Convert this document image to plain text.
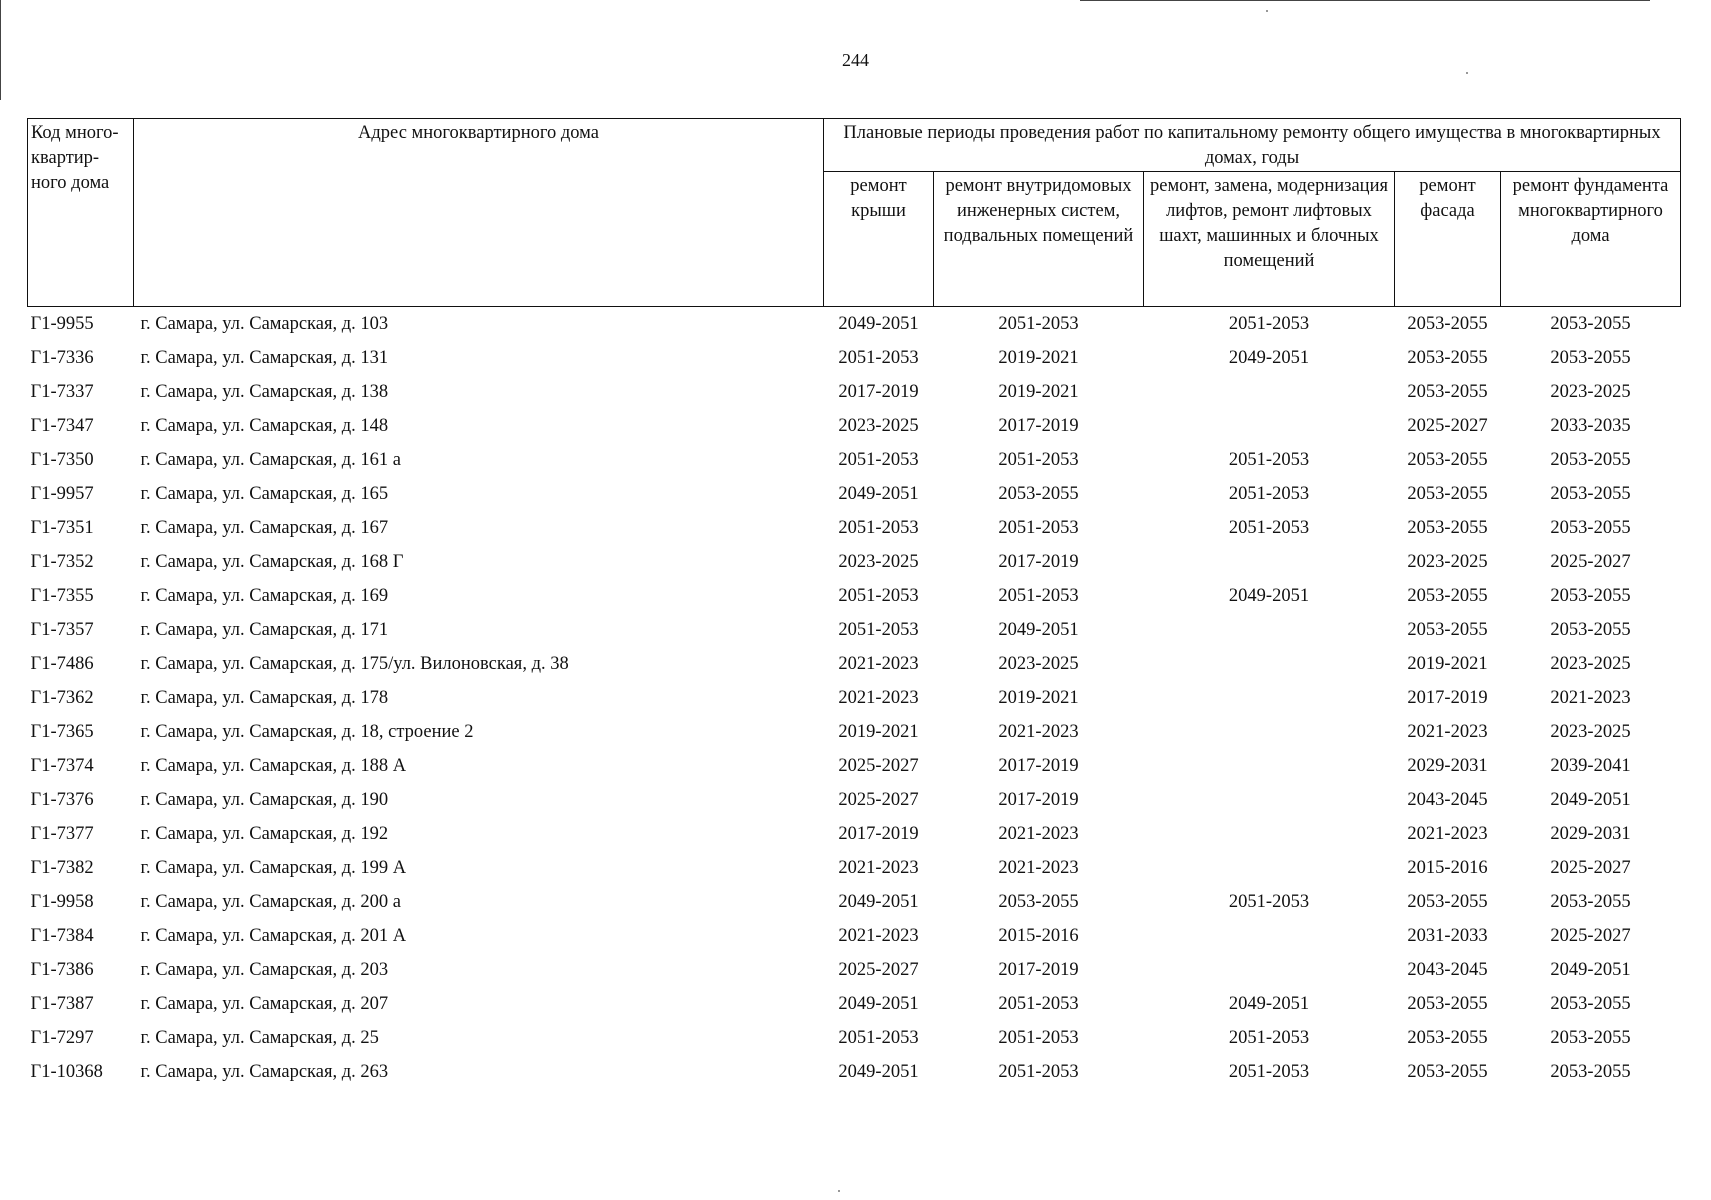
244
Код много-квартир-ного дома	Адрес многоквартирного дома	Плановые периоды проведения работ по капитальному ремонту общего имущества в многоквартирных домах, годы				
		ремонт крыши	ремонт внутридомовых инженерных систем, подвальных помещений	ремонт, замена, модернизация лифтов, ремонт лифтовых шахт, машинных и блочных помещений	ремонт фасада	ремонт фундамента многоквартирного дома
Г1-9955	г. Самара, ул. Самарская, д. 103	2049-2051	2051-2053	2051-2053	2053-2055	2053-2055
Г1-7336	г. Самара, ул. Самарская, д. 131	2051-2053	2019-2021	2049-2051	2053-2055	2053-2055
Г1-7337	г. Самара, ул. Самарская, д. 138	2017-2019	2019-2021		2053-2055	2023-2025
Г1-7347	г. Самара, ул. Самарская, д. 148	2023-2025	2017-2019		2025-2027	2033-2035
Г1-7350	г. Самара, ул. Самарская, д. 161 а	2051-2053	2051-2053	2051-2053	2053-2055	2053-2055
Г1-9957	г. Самара, ул. Самарская, д. 165	2049-2051	2053-2055	2051-2053	2053-2055	2053-2055
Г1-7351	г. Самара, ул. Самарская, д. 167	2051-2053	2051-2053	2051-2053	2053-2055	2053-2055
Г1-7352	г. Самара, ул. Самарская, д. 168 Г	2023-2025	2017-2019		2023-2025	2025-2027
Г1-7355	г. Самара, ул. Самарская, д. 169	2051-2053	2051-2053	2049-2051	2053-2055	2053-2055
Г1-7357	г. Самара, ул. Самарская, д. 171	2051-2053	2049-2051		2053-2055	2053-2055
Г1-7486	г. Самара, ул. Самарская, д. 175/ул. Вилоновская, д. 38	2021-2023	2023-2025		2019-2021	2023-2025
Г1-7362	г. Самара, ул. Самарская, д. 178	2021-2023	2019-2021		2017-2019	2021-2023
Г1-7365	г. Самара, ул. Самарская, д. 18, строение 2	2019-2021	2021-2023		2021-2023	2023-2025
Г1-7374	г. Самара, ул. Самарская, д. 188 А	2025-2027	2017-2019		2029-2031	2039-2041
Г1-7376	г. Самара, ул. Самарская, д. 190	2025-2027	2017-2019		2043-2045	2049-2051
Г1-7377	г. Самара, ул. Самарская, д. 192	2017-2019	2021-2023		2021-2023	2029-2031
Г1-7382	г. Самара, ул. Самарская, д. 199 А	2021-2023	2021-2023		2015-2016	2025-2027
Г1-9958	г. Самара, ул. Самарская, д. 200 а	2049-2051	2053-2055	2051-2053	2053-2055	2053-2055
Г1-7384	г. Самара, ул. Самарская, д. 201 А	2021-2023	2015-2016		2031-2033	2025-2027
Г1-7386	г. Самара, ул. Самарская, д. 203	2025-2027	2017-2019		2043-2045	2049-2051
Г1-7387	г. Самара, ул. Самарская, д. 207	2049-2051	2051-2053	2049-2051	2053-2055	2053-2055
Г1-7297	г. Самара, ул. Самарская, д. 25	2051-2053	2051-2053	2051-2053	2053-2055	2053-2055
Г1-10368	г. Самара, ул. Самарская, д. 263	2049-2051	2051-2053	2051-2053	2053-2055	2053-2055
